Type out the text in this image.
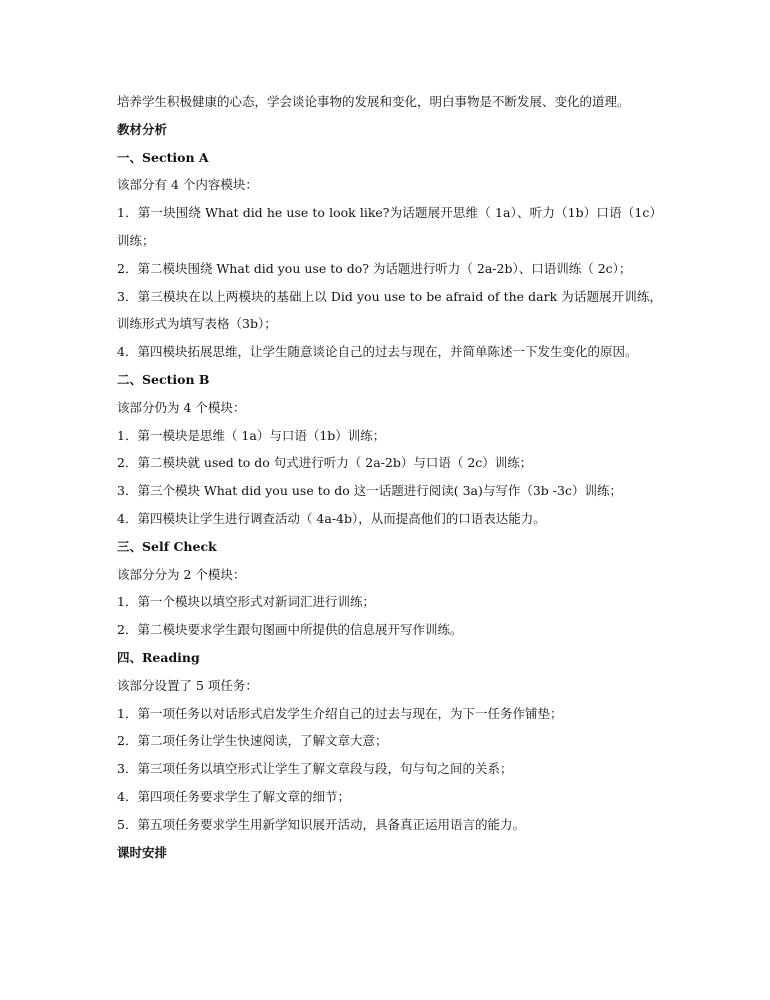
培养学生积极健康的心态，学会谈论事物的发展和变化，明白事物是不断发展、变化的道理。
教材分析
一、Section A
该部分有 4 个内容模块：
1．第一块围绕 What did he use to look like?为话题展开思维（ 1a）、听力（1b）口语（1c）训练；
2．第二模块围绕 What did you use to do? 为话题进行听力（ 2a-2b）、口语训练（ 2c）；
3．第三模块在以上两模块的基础上以 Did you use to be afraid of the dark 为话题展开训练，训练形式为填写表格（3b）；
4．第四模块拓展思维，让学生随意谈论自己的过去与现在，并简单陈述一下发生变化的原因。
二、Section B
该部分仍为 4 个模块：
1．第一模块是思维（ 1a）与口语（1b）训练；
2．第二模块就 used to do 句式进行听力（ 2a-2b）与口语（ 2c）训练；
3．第三个模块 What did you use to do 这一话题进行阅读( 3a)与写作（3b -3c）训练；
4．第四模块让学生进行调查活动（ 4a-4b），从而提高他们的口语表达能力。
三、Self Check
该部分分为 2 个模块：
1．第一个模块以填空形式对新词汇进行训练；
2．第二模块要求学生跟句图画中所提供的信息展开写作训练。
四、Reading
该部分设置了 5 项任务：
1．第一项任务以对话形式启发学生介绍自己的过去与现在，为下一任务作铺垫；
2．第二项任务让学生快速阅读，了解文章大意；
3．第三项任务以填空形式让学生了解文章段与段，句与句之间的关系；
4．第四项任务要求学生了解文章的细节；
5．第五项任务要求学生用新学知识展开活动，具备真正运用语言的能力。
课时安排
